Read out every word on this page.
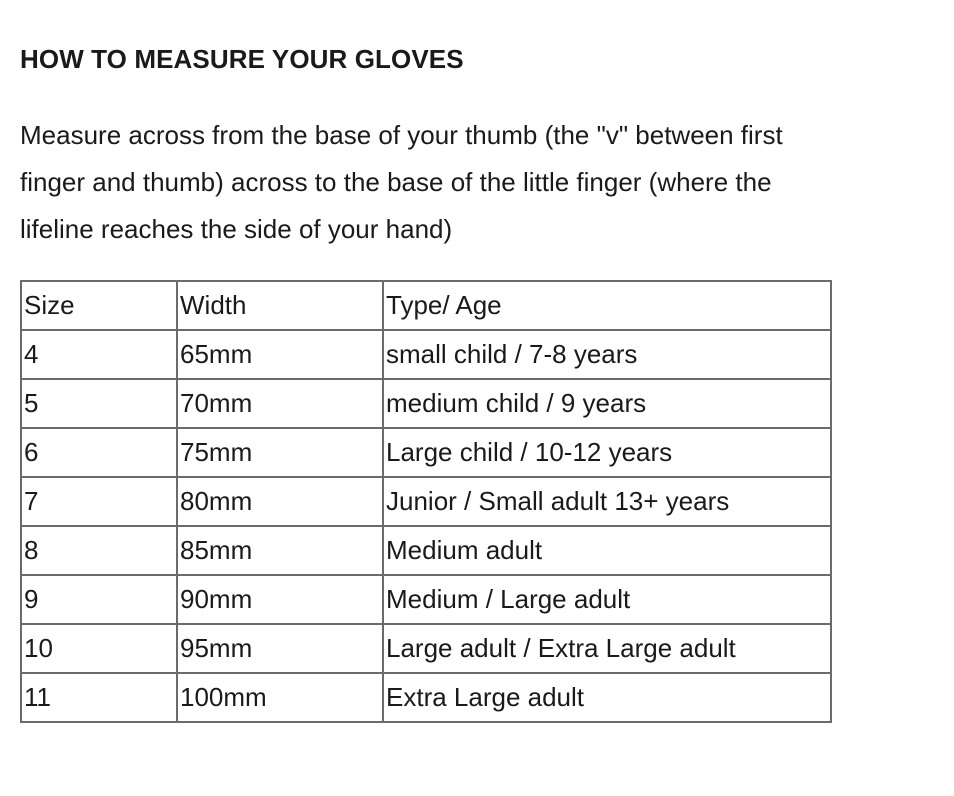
HOW TO MEASURE YOUR GLOVES

Measure across from the base of your thumb (the "v" between first
finger and thumb) across to the base of the little finger (where the
lifeline reaches the side of your hand)

Size	Width	Type/ Age
4	65mm	small child / 7-8 years
5	70mm	medium child / 9 years
6	75mm	Large child / 10-12 years
7	80mm	Junior / Small adult 13+ years
8	85mm	Medium adult
9	90mm	Medium / Large adult
10	95mm	Large adult / Extra Large adult
11	100mm	Extra Large adult
